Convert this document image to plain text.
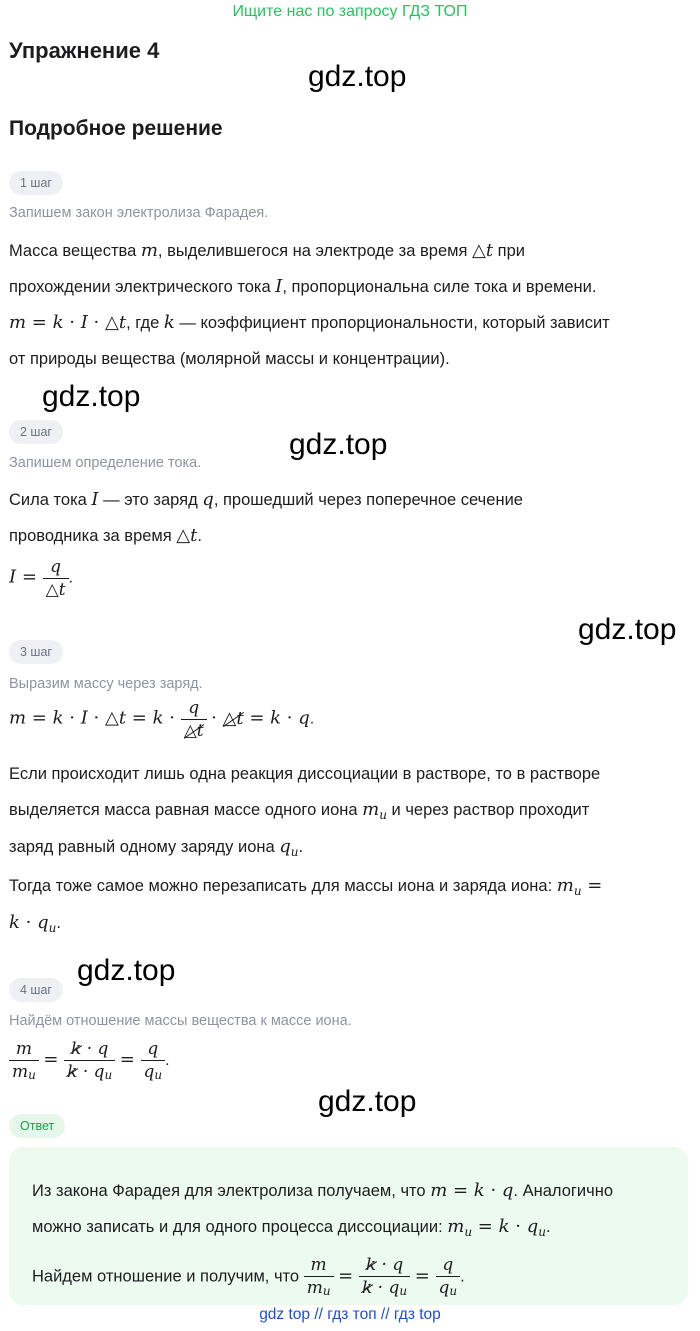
Ищите нас по запросу ГДЗ ТОП
Упражнение 4
gdz.top
Подробное решение
1 шаг
Запишем закон электролиза Фарадея.
Масса вещества m, выделившегося на электроде за время △t при
прохождении электрического тока I, пропорциональна силе тока и времени.
m = k · I · △t, где k — коэффициент пропорциональности, который зависит
от природы вещества (молярной массы и концентрации).
gdz.top
2 шаг	gdz.top
Запишем определение тока.
Сила тока I — это заряд q, прошедший через поперечное сечение
проводника за время △t.
$I = \frac{q}{\triangle t}$ .
gdz.top
3 шаг
Выразим массу через заряд.
m = k · I · △t = $k \cdot \frac{q}{\triangle t}$ · △t = k · q.
Если происходит лишь одна реакция диссоциации в растворе, то в растворе
выделяется масса равная массе одного иона $m_и$ и через раствор проходит
заряд равный одному заряду иона $q_и$.
Тогда тоже самое можно перезаписать для массы иона и заряда иона: $m_и$ =
$k \cdot q_и$.
gdz.top
4 шаг
Найдём отношение массы вещества к массе иона.
$\frac{m}{mи} = \frac{k \cdot q}{k \cdot qи} = \frac{q}{qи}$ .
gdz.top
Ответ
Из закона Фарадея для электролиза получаем, что m = k · q. Аналогично
можно записать и для одного процесса диссоциации: $m_и = k \cdot q_и$.
Найдем отношение и получим, что $\frac{m}{mи} = \frac{k \cdot q}{k \cdot qи} = \frac{q}{qи}$ .
gdz top // гдз топ // гдз top
